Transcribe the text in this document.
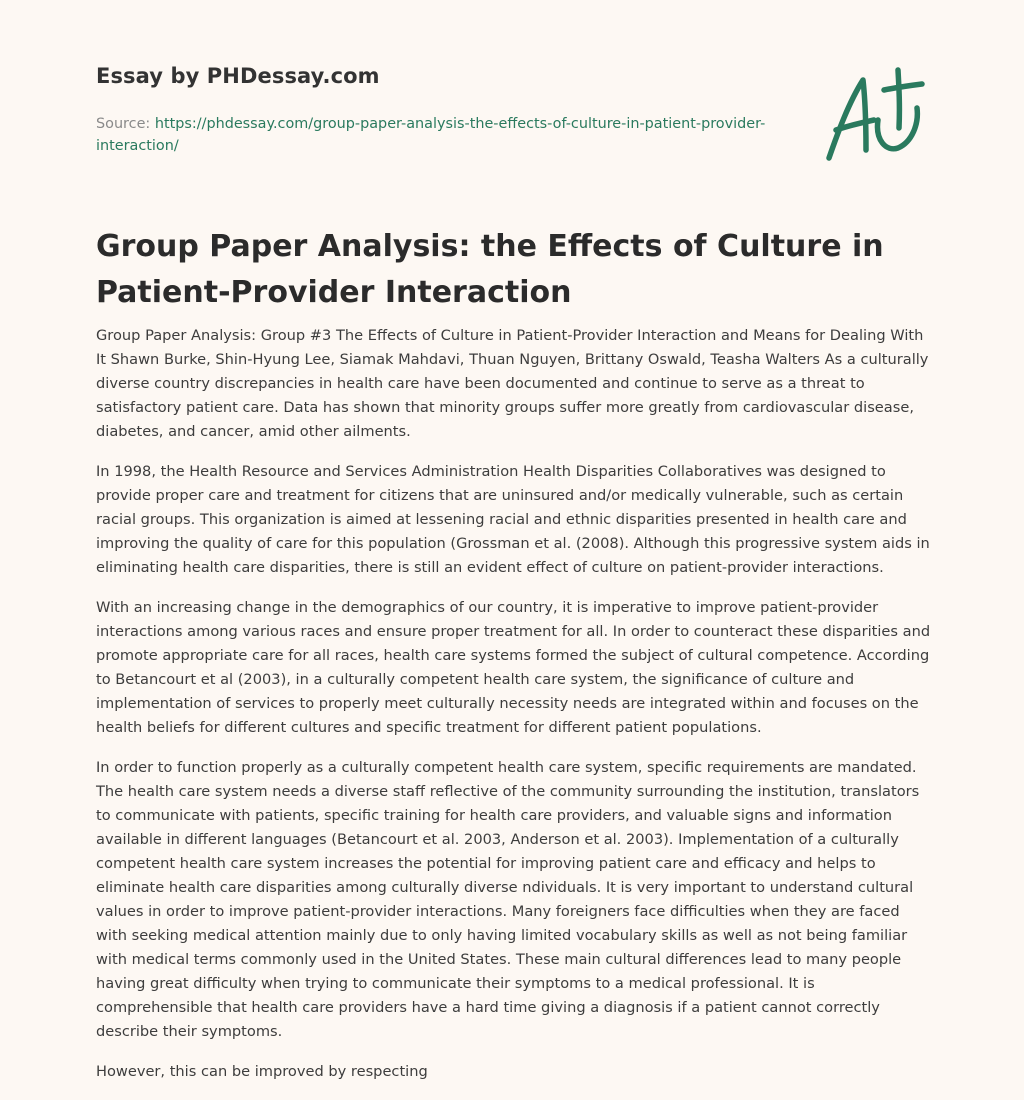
Essay by PHDessay.com
Source: https://phdessay.com/group-paper-analysis-the-effects-of-culture-in-patient-provider-interaction/
Group Paper Analysis: the Effects of Culture in Patient-Provider Interaction

Group Paper Analysis: Group #3 The Effects of Culture in Patient-Provider Interaction and Means for Dealing With It Shawn Burke, Shin-Hyung Lee, Siamak Mahdavi, Thuan Nguyen, Brittany Oswald, Teasha Walters As a culturally diverse country discrepancies in health care have been documented and continue to serve as a threat to satisfactory patient care. Data has shown that minority groups suffer more greatly from cardiovascular disease, diabetes, and cancer, amid other ailments.

In 1998, the Health Resource and Services Administration Health Disparities Collaboratives was designed to provide proper care and treatment for citizens that are uninsured and/or medically vulnerable, such as certain racial groups. This organization is aimed at lessening racial and ethnic disparities presented in health care and improving the quality of care for this population (Grossman et al. (2008). Although this progressive system aids in eliminating health care disparities, there is still an evident effect of culture on patient-provider interactions.

With an increasing change in the demographics of our country, it is imperative to improve patient-provider interactions among various races and ensure proper treatment for all. In order to counteract these disparities and promote appropriate care for all races, health care systems formed the subject of cultural competence. According to Betancourt et al (2003), in a culturally competent health care system, the significance of culture and implementation of services to properly meet culturally necessity needs are integrated within and focuses on the health beliefs for different cultures and specific treatment for different patient populations.

In order to function properly as a culturally competent health care system, specific requirements are mandated. The health care system needs a diverse staff reflective of the community surrounding the institution, translators to communicate with patients, specific training for health care providers, and valuable signs and information available in different languages (Betancourt et al. 2003, Anderson et al. 2003). Implementation of a culturally competent health care system increases the potential for improving patient care and efficacy and helps to eliminate health care disparities among culturally diverse ndividuals. It is very important to understand cultural values in order to improve patient-provider interactions. Many foreigners face difficulties when they are faced with seeking medical attention mainly due to only having limited vocabulary skills as well as not being familiar with medical terms commonly used in the United States. These main cultural differences lead to many people having great difficulty when trying to communicate their symptoms to a medical professional. It is comprehensible that health care providers have a hard time giving a diagnosis if a patient cannot correctly describe their symptoms.

However, this can be improved by respecting
